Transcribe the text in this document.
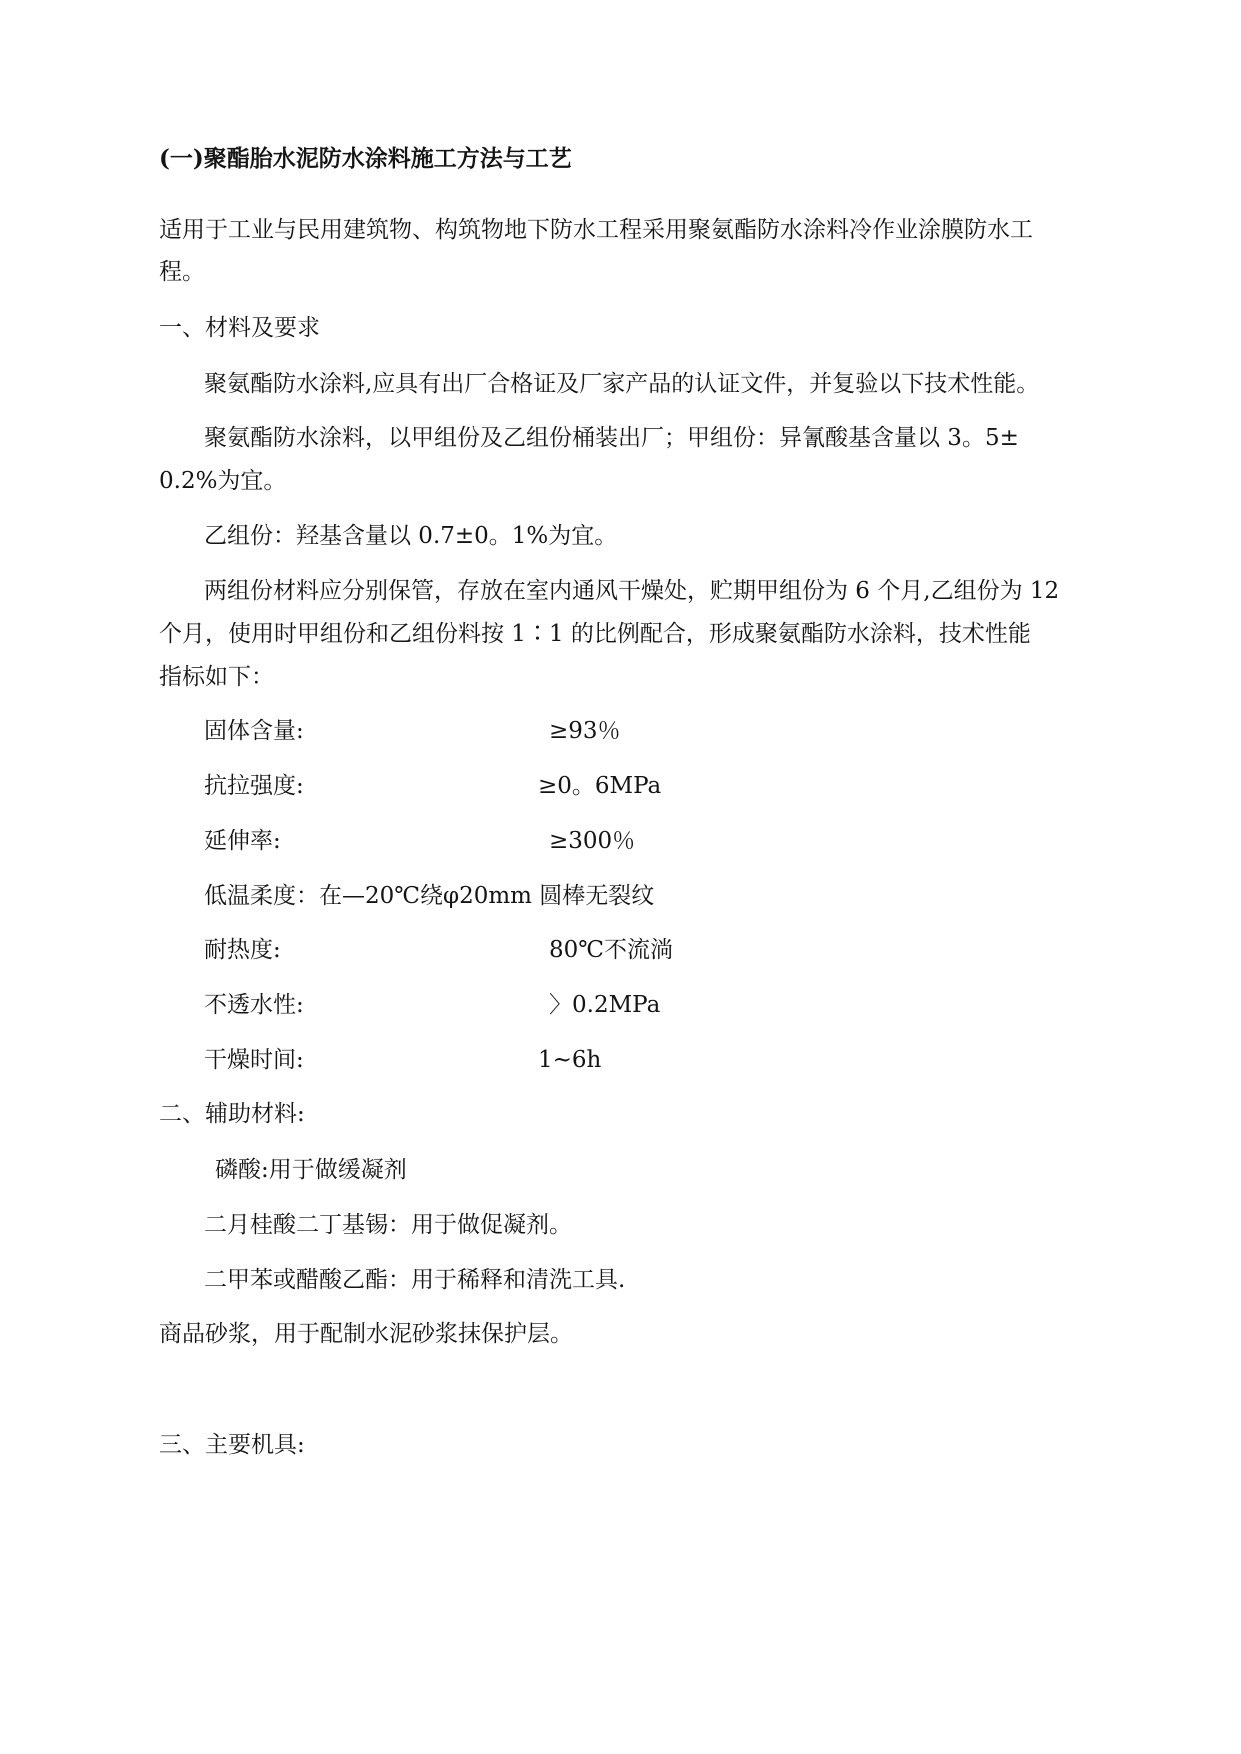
(一)聚酯胎水泥防水涂料施工方法与工艺

适用于工业与民用建筑物、构筑物地下防水工程采用聚氨酯防水涂料冷作业涂膜防水工

程。

一、材料及要求

聚氨酯防水涂料,应具有出厂合格证及厂家产品的认证文件，并复验以下技术性能。

聚氨酯防水涂料，以甲组份及乙组份桶装出厂；甲组份：异氰酸基含量以 3。5±

0.2%为宜。

乙组份：羟基含量以 0.7±0。1%为宜。

两组份材料应分别保管，存放在室内通风干燥处，贮期甲组份为 6 个月,乙组份为 12

个月，使用时甲组份和乙组份料按 1∶1 的比例配合，形成聚氨酯防水涂料，技术性能

指标如下：

固体含量:	≥93％

抗拉强度:	≥0。6MPa

延伸率:	≥300％

低温柔度：在—20℃绕φ20mm 圆棒无裂纹

耐热度:	80℃不流淌

不透水性:	〉0.2MPa

干燥时间:	1~6h

二、辅助材料:

磷酸:用于做缓凝剂

二月桂酸二丁基锡：用于做促凝剂。

二甲苯或醋酸乙酯：用于稀释和清洗工具.

商品砂浆，用于配制水泥砂浆抹保护层。

三、主要机具:
